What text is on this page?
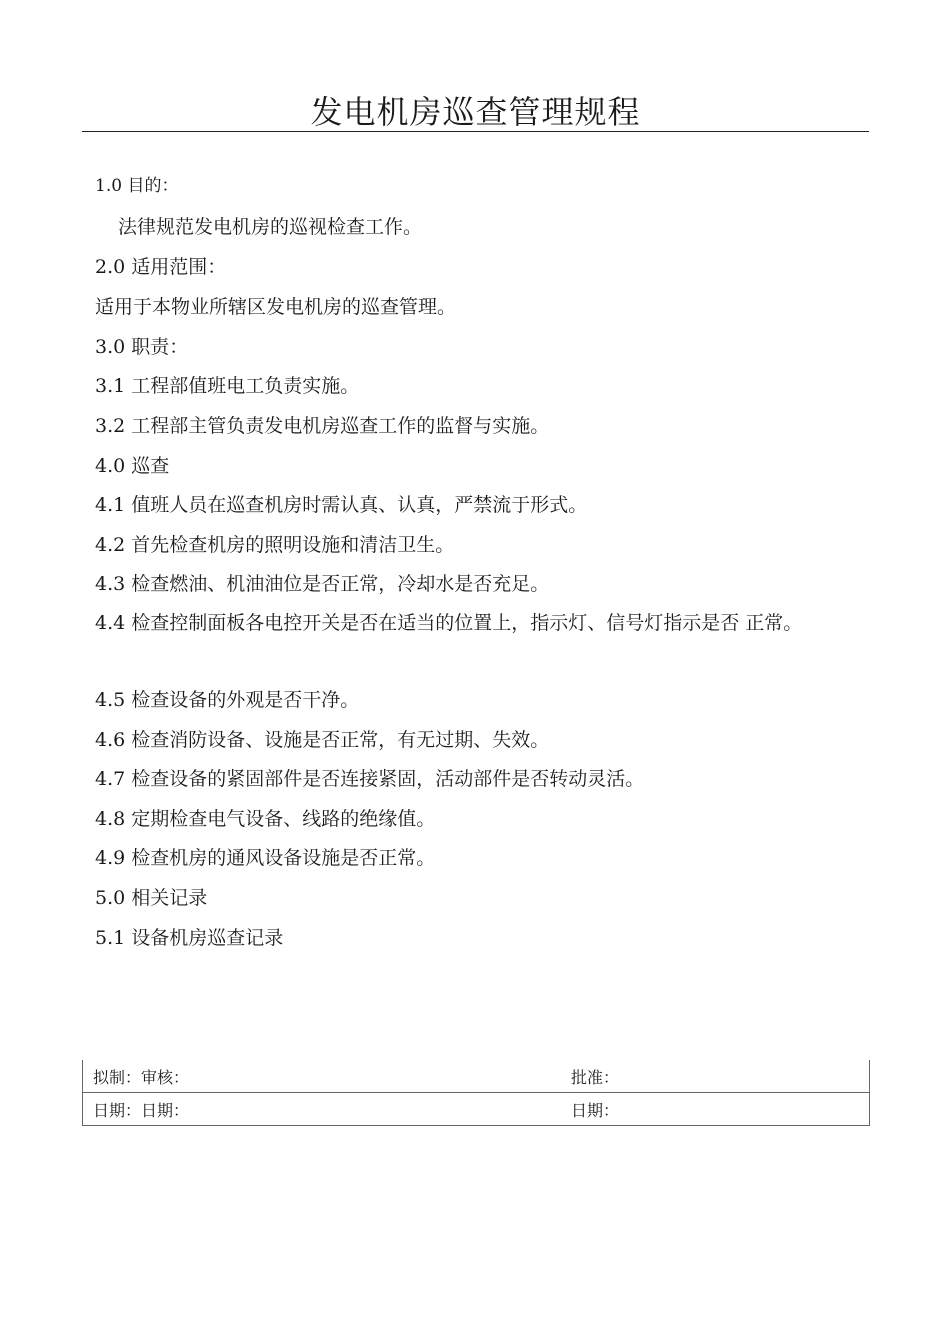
发电机房巡查管理规程
1.0 目的：
法律规范发电机房的巡视检查工作。
2.0 适用范围：
适用于本物业所辖区发电机房的巡查管理。
3.0 职责：
3.1 工程部值班电工负责实施。
3.2 工程部主管负责发电机房巡查工作的监督与实施。
4.0 巡查
4.1 值班人员在巡查机房时需认真、认真，严禁流于形式。
4.2 首先检查机房的照明设施和清洁卫生。
4.3 检查燃油、机油油位是否正常，冷却水是否充足。
4.4 检查控制面板各电控开关是否在适当的位置上，指示灯、信号灯指示是否 正常。
4.5 检查设备的外观是否干净。
4.6 检查消防设备、设施是否正常，有无过期、失效。
4.7 检查设备的紧固部件是否连接紧固，活动部件是否转动灵活。
4.8 定期检查电气设备、线路的绝缘值。
4.9 检查机房的通风设备设施是否正常。
5.0 相关记录
5.1 设备机房巡查记录
拟制：审核：	批准：
日期：日期：	日期：
